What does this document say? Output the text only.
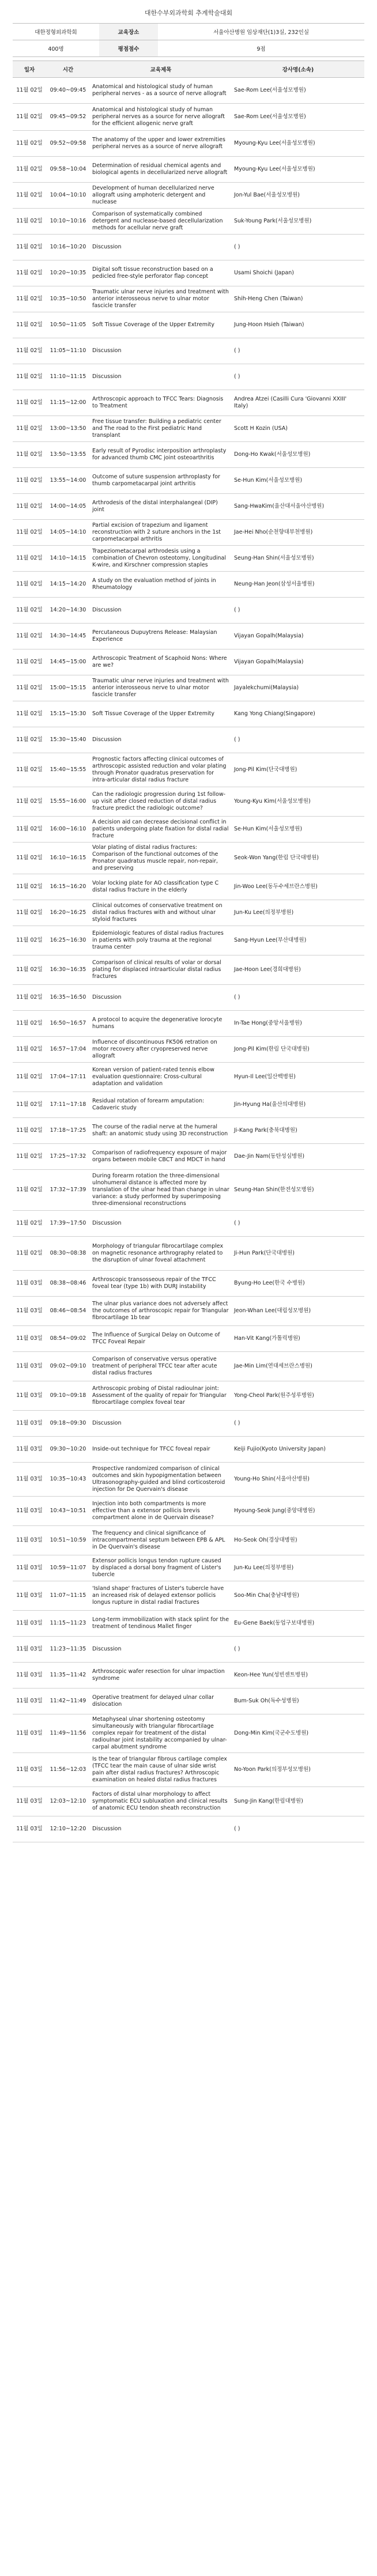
대한수부외과학회 추계학술대회
대한정형외과학회	교육장소	서울아산병원 임상재단(1)3실, 232인실
400명	평점점수	9점
일자	시간	교육제목	강사명(소속)
11월 02일	09:40~09:45	Anatomical and histological study of human peripheral nerves - as a source of nerve allograft	Sae-Rom Lee(서울성모병원)
11월 02일	09:45~09:52	Anatomical and histological study of human peripheral nerves as a source for nerve allograft for the efficient allogenic nerve graft	Sae-Rom Lee(서울성모병원)
11월 02일	09:52~09:58	The anatomy of the upper and lower extremities peripheral nerves as a source of nerve allograft	Myoung-Kyu Lee(서울성모병원)
11월 02일	09:58~10:04	Determination of residual chemical agents and biological agents in decellularized nerve allograft	Myoung-Kyu Lee(서울성모병원)
11월 02일	10:04~10:10	Development of human decellularized nerve allograft using amphoteric detergent and nuclease	Jon-Yul Bae(서울성모병원)
11월 02일	10:10~10:16	Comparison of systematically combined detergent and nuclease-based decellularization methods for acellular nerve graft	Suk-Young Park(서울성모병원)
11월 02일	10:16~10:20	Discussion	( )
11월 02일	10:20~10:35	Digital soft tissue reconstruction based on a pedicled free-style perforator flap concept	Usami Shoichi (Japan)
11월 02일	10:35~10:50	Traumatic ulnar nerve injuries and treatment with anterior interosseous nerve to ulnar motor fascicle transfer	Shih-Heng Chen (Taiwan)
11월 02일	10:50~11:05	Soft Tissue Coverage of the Upper Extremity	Jung-Hoon Hsieh (Taiwan)
11월 02일	11:05~11:10	Discussion	( )
11월 02일	11:10~11:15	Discussion	( )
11월 02일	11:15~12:00	Arthroscopic approach to TFCC Tears: Diagnosis to Treatment	Andrea Atzei (Casilli Cura 'Giovanni XXIII' Italy)
11월 02일	13:00~13:50	Free tissue transfer: Building a pediatric center and The road to the First pediatric Hand transplant	Scott H Kozin (USA)
11월 02일	13:50~13:55	Early result of Pyrodisc interposition arthroplasty for advanced thumb CMC joint osteoarthritis	Dong-Ho Kwak(서울성모병원)
11월 02일	13:55~14:00	Outcome of suture suspension arthroplasty for thumb carpometacarpal joint arthritis	Se-Hun Kim(서울성모병원)
11월 02일	14:00~14:05	Arthrodesis of the distal interphalangeal (DIP) joint	Sang-HwaKim(울산대서울아산병원)
11월 02일	14:05~14:10	Partial excision of trapezium and ligament reconstruction with 2 suture anchors in the 1st carpometacarpal arthritis	Jae-Hei Nho(순천향대부천병원)
11월 02일	14:10~14:15	Trapeziometacarpal arthrodesis using a combination of Chevron osteotomy, Longitudinal K-wire, and Kirschner compression staples	Seung-Han Shin(서울성모병원)
11월 02일	14:15~14:20	A study on the evaluation method of joints in Rheumatology	Neung-Han Jeon(삼성서울병원)
11월 02일	14:20~14:30	Discussion	( )
11월 02일	14:30~14:45	Percutaneous Dupuytrens Release: Malaysian Experience	Vijayan Gopalh(Malaysia)
11월 02일	14:45~15:00	Arthroscopic Treatment of Scaphoid Nons: Where are we?	Vijayan Gopalh(Malaysia)
11월 02일	15:00~15:15	Traumatic ulnar nerve injuries and treatment with anterior interosseous nerve to ulnar motor fascicle transfer	Jayalekchumi(Malaysia)
11월 02일	15:15~15:30	Soft Tissue Coverage of the Upper Extremity	Kang Yong Chiang(Singapore)
11월 02일	15:30~15:40	Discussion	( )
11월 02일	15:40~15:55	Prognostic factors affecting clinical outcomes of arthroscopic assisted reduction and volar plating through Pronator quadratus preservation for intra-articular distal radius fracture	Jong-Pil Kim(단국대병원)
11월 02일	15:55~16:00	Can the radiologic progression during 1st follow-up visit after closed reduction of distal radius fracture predict the radiologic outcome?	Young-Kyu Kim(서울성모병원)
11월 02일	16:00~16:10	A decision aid can decrease decisional conflict in patients undergoing plate fixation for distal radial fracture	Se-Hun Kim(서울성모병원)
11월 02일	16:10~16:15	Volar plating of distal radius fractures: Comparison of the functional outcomes of the Pronator quadratus muscle repair, non-repair, and preserving	Seok-Won Yang(한림 단국대병원)
11월 02일	16:15~16:20	Volar locking plate for AO classification type C distal radius fracture in the elderly	Jin-Woo Lee(동두수세브란스병원)
11월 02일	16:20~16:25	Clinical outcomes of conservative treatment on distal radius fractures with and without ulnar styloid fractures	Jun-Ku Lee(의정부병원)
11월 02일	16:25~16:30	Epidemiologic features of distal radius fractures in patients with poly trauma at the regional trauma center	Sang-Hyun Lee(부산대병원)
11월 02일	16:30~16:35	Comparison of clinical results of volar or dorsal plating for displaced intraarticular distal radius fractures	Jae-Hoon Lee(경희대병원)
11월 02일	16:35~16:50	Discussion	( )
11월 02일	16:50~16:57	A protocol to acquire the degenerative lorocyte humans	In-Tae Hong(중앙서울병원)
11월 02일	16:57~17:04	Influence of discontinuous FK506 retration on motor recovery after cryopreserved nerve allograft	Jong-Pil Kim(한림 단국대병원)
11월 02일	17:04~17:11	Korean version of patient-rated tennis elbow evaluation questionnaire: Cross-cultural adaptation and validation	Hyun-Il Lee(일산백병원)
11월 02일	17:11~17:18	Residual rotation of forearm amputation: Cadaveric study	Jin-Hyung Ha(울산의대병원)
11월 02일	17:18~17:25	The course of the radial nerve at the humeral shaft: an anatomic study using 3D reconstruction	Ji-Kang Park(충북대병원)
11월 02일	17:25~17:32	Comparison of radiofrequency exposure of major organs between mobile CBCT and MDCT in hand	Dae-Jin Nam(동탄성심병원)
11월 02일	17:32~17:39	During forearm rotation the three-dimensional ulnohumeral distance is affected more by translation of the ulnar head than change in ulnar variance: a study performed by superimposing three-dimensional reconstructions	Seung-Han Shin(한전성모병원)
11월 02일	17:39~17:50	Discussion	( )
11월 02일	08:30~08:38	Morphology of triangular fibrocartilage complex on magnetic resonance arthrography related to the disruption of ulnar foveal attachment	Ji-Hun Park(단국대병원)
11월 03일	08:38~08:46	Arthroscopic transosseous repair of the TFCC foveal tear (type 1b) with DURJ instability	Byung-Ho Lee(한국 수병원)
11월 03일	08:46~08:54	The ulnar plus variance does not adversely affect the outcomes of arthroscopic repair for Triangular fibrocartilage 1b tear	Jeon-Whan Lee(대림성모병원)
11월 03일	08:54~09:02	The Influence of Surgical Delay on Outcome of TFCC Foveal Repair	Han-Vit Kang(가톨릭병원)
11월 03일	09:02~09:10	Comparison of conservative versus operative treatment of peripheral TFCC tear after acute distal radius fractures	Jae-Min Lim(연대세브란스병원)
11월 03일	09:10~09:18	Arthroscopic probing of Distal radioulnar joint: Assessment of the quality of repair for Triangular fibrocartilage complex foveal tear	Yong-Cheol Park(원주성루병원)
11월 03일	09:18~09:30	Discussion	( )
11월 03일	09:30~10:20	Inside-out technique for TFCC foveal repair	Keiji Fujio(Kyoto University Japan)
11월 03일	10:35~10:43	Prospective randomized comparison of clinical outcomes and skin hypopigmentation between Ultrasonography-guided and blind corticosteroid injection for De Quervain's disease	Young-Ho Shin(서울아산병원)
11월 03일	10:43~10:51	Injection into both compartments is more effective than a extensor pollicis brevis compartment alone in de Quervain disease?	Hyoung-Seok Jung(중앙대병원)
11월 03일	10:51~10:59	The frequency and clinical significance of intracompartmental septum between EPB & APL in De Quervain's disease	Ho-Seok Oh(경상대병원)
11월 03일	10:59~11:07	Extensor pollicis longus tendon rupture caused by displaced a dorsal bony fragment of Lister's tubercle	Jun-Ku Lee(의정부병원)
11월 03일	11:07~11:15	'Island shape' fractures of Lister's tubercle have an increased risk of delayed extensor pollicis longus rupture in distal radial fractures	Soo-Min Cha(충남대병원)
11월 03일	11:15~11:23	Long-term immobilization with stack splint for the treatment of tendinous Mallet finger	Eu-Gene Baek(동업구보대병원)
11월 03일	11:23~11:35	Discussion	( )
11월 03일	11:35~11:42	Arthroscopic wafer resection for ulnar impaction syndrome	Keon-Hee Yun(성빈센트병원)
11월 03일	11:42~11:49	Operative treatment for delayed ulnar collar dislocation	Bum-Suk Oh(독수성병원)
11월 03일	11:49~11:56	Metaphyseal ulnar shortening osteotomy simultaneously with triangular fibrocartilage complex repair for treatment of the distal radioulnar joint instability accompanied by ulnar-carpal abutment syndrome	Dong-Min Kim(국군수도병원)
11월 03일	11:56~12:03	Is the tear of triangular fibrous cartilage complex (TFCC tear the main cause of ulnar side wrist pain after distal radius fractures? Arthroscopic examination on healed distal radius fractures	No-Yoon Park(의정부성모병원)
11월 03일	12:03~12:10	Factors of distal ulnar morphology to affect symptomatic ECU subluxation and clinical results of anatomic ECU tendon sheath reconstruction	Sung-Jin Kang(한림대병원)
11월 03일	12:10~12:20	Discussion	( )
